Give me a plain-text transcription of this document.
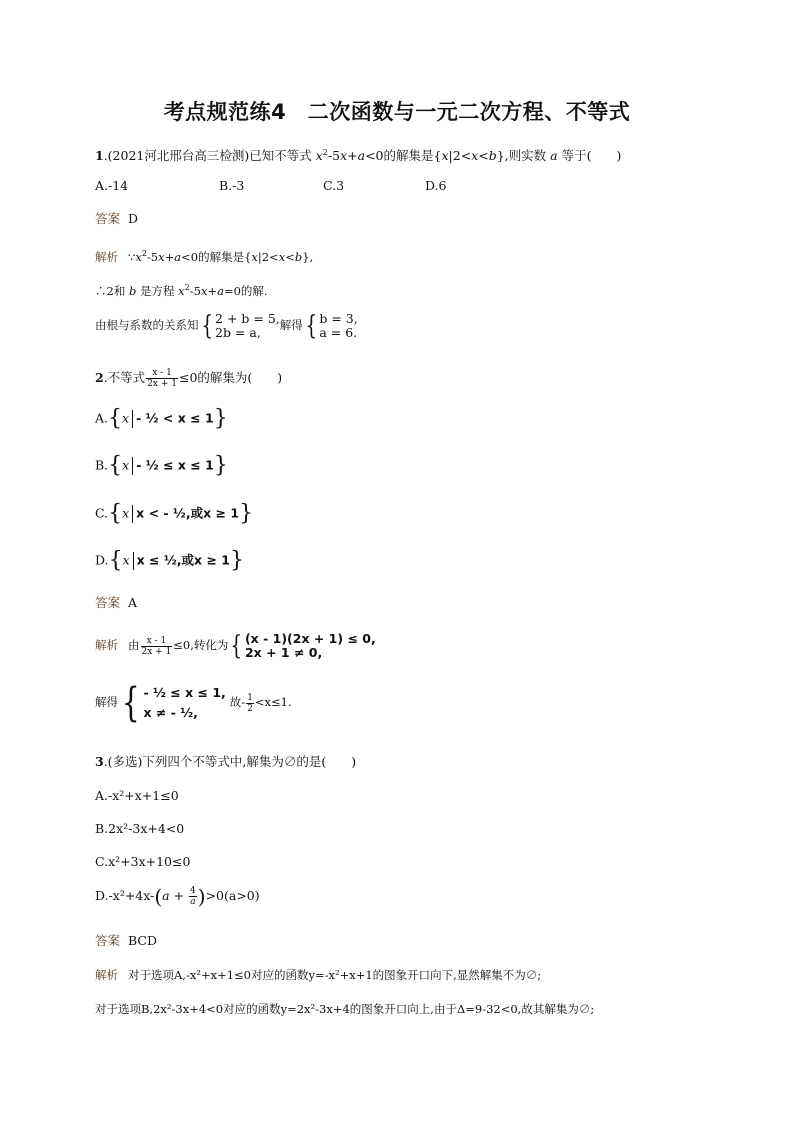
考点规范练4　二次函数与一元二次方程、不等式
1.(2021河北邢台高三检测)已知不等式 $x^2-5x+a<0$的解集是{x|2<x<b},则实数 a 等于(　　)
A.-14	B.-3	C.3	D.6
答案 D
解析 $\because x^2-5x+a<0$的解集是{x|2<x<b},
∴2和 b 是方程 $x^2-5x+a=0$的解.
由根与系数的关系知{ 2 + b = 5,
2b = a,	解得{ b = 3,
a = 6.
2.不等式 $\frac{x - 1}{2x + 1} \le 0$的解集为(　　)
A.{x - ½ < x ≤ 1}
B.{x - ½ ≤ x ≤ 1}
C.{x x < - ½,或x ≥ 1}
D.{x x ≤ ½,或x ≥ 1}
答案 A
解析 由 $\frac{x - 1}{2x + 1} \le 0$,转化为{ (x - 1)(2x + 1) ≤ 0,
2x + 1 ≠ 0,
解得{ - ½ ≤ x ≤ 1,
x ≠ - ½,
故- $\frac{1}{2} <x\le 1$.
3.(多选)下列四个不等式中,解集为∅的是(　　)
A.-x²+x+1≤0
B.2x²-3x+4<0
C.x²+3x+10≤0
$D.-x^2+4x-(a + \frac{4}{a} )>0(a>0)$
答案 BCD
解析 对于选项A,-x²+x+1≤0对应的函数y=-x²+x+1的图象开口向下,显然解集不为∅;
对于选项B,2x²-3x+4<0对应的函数y=2x²-3x+4的图象开口向上,由于Δ=9-32<0,故其解集为∅;
